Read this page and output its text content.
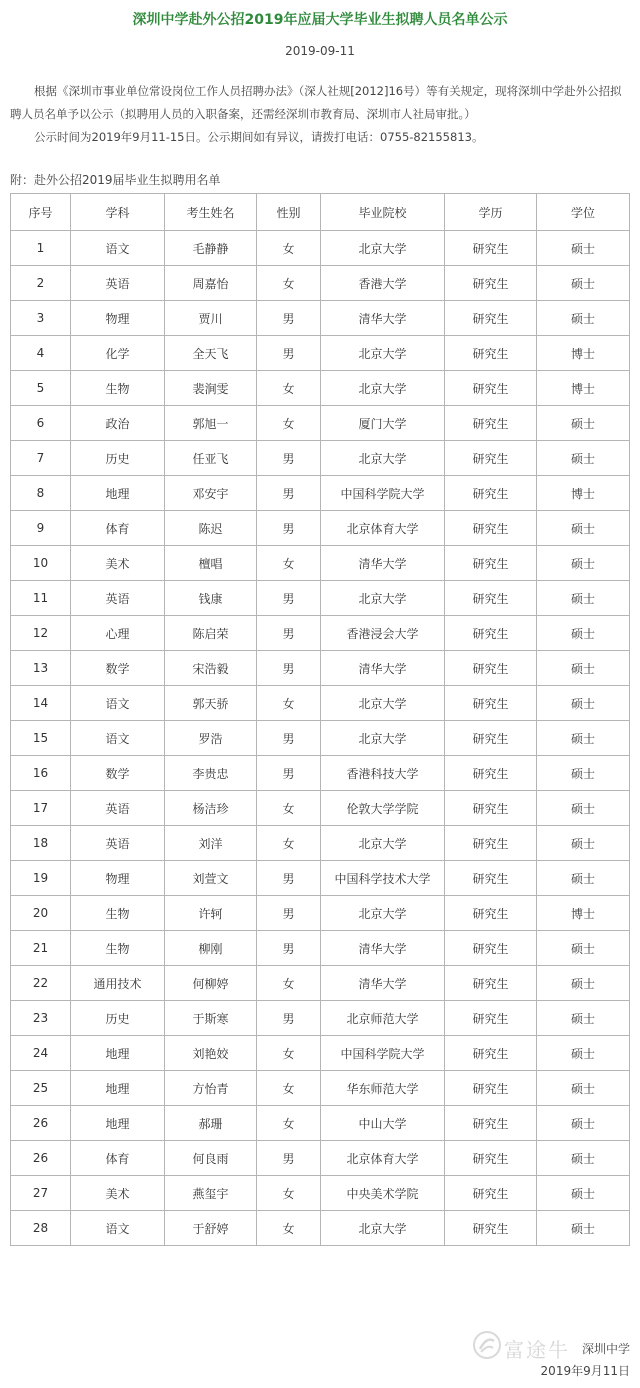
深圳中学赴外公招2019年应届大学毕业生拟聘人员名单公示
2019-09-11
根据《深圳市事业单位常设岗位工作人员招聘办法》（深人社规[2012]16号）等有关规定，现将深圳中学赴外公招拟聘人员名单予以公示（拟聘用人员的入职备案，还需经深圳市教育局、深圳市人社局审批。）
公示时间为2019年9月11-15日。公示期间如有异议，请拨打电话：0755-82155813。
附：赴外公招2019届毕业生拟聘用名单
序号	学科	考生姓名	性别	毕业院校	学历	学位
1	语文	毛静静	女	北京大学	研究生	硕士
2	英语	周嘉怡	女	香港大学	研究生	硕士
3	物理	贾川	男	清华大学	研究生	硕士
4	化学	全天飞	男	北京大学	研究生	博士
5	生物	裴涧雯	女	北京大学	研究生	博士
6	政治	郭旭一	女	厦门大学	研究生	硕士
7	历史	任亚飞	男	北京大学	研究生	硕士
8	地理	邓安宇	男	中国科学院大学	研究生	博士
9	体育	陈迟	男	北京体育大学	研究生	硕士
10	美术	檀唱	女	清华大学	研究生	硕士
11	英语	钱康	男	北京大学	研究生	硕士
12	心理	陈启荣	男	香港浸会大学	研究生	硕士
13	数学	宋浩毅	男	清华大学	研究生	硕士
14	语文	郭天骄	女	北京大学	研究生	硕士
15	语文	罗浩	男	北京大学	研究生	硕士
16	数学	李贵忠	男	香港科技大学	研究生	硕士
17	英语	杨洁珍	女	伦敦大学学院	研究生	硕士
18	英语	刘洋	女	北京大学	研究生	硕士
19	物理	刘萱文	男	中国科学技术大学	研究生	硕士
20	生物	许轲	男	北京大学	研究生	博士
21	生物	柳刚	男	清华大学	研究生	硕士
22	通用技术	何柳婷	女	清华大学	研究生	硕士
23	历史	于斯寒	男	北京师范大学	研究生	硕士
24	地理	刘艳姣	女	中国科学院大学	研究生	硕士
25	地理	方怡青	女	华东师范大学	研究生	硕士
26	地理	郝珊	女	中山大学	研究生	硕士
26	体育	何良雨	男	北京体育大学	研究生	硕士
27	美术	燕玺宇	女	中央美术学院	研究生	硕士
28	语文	于舒婷	女	北京大学	研究生	硕士
富途牛 深圳中学
2019年9月11日
